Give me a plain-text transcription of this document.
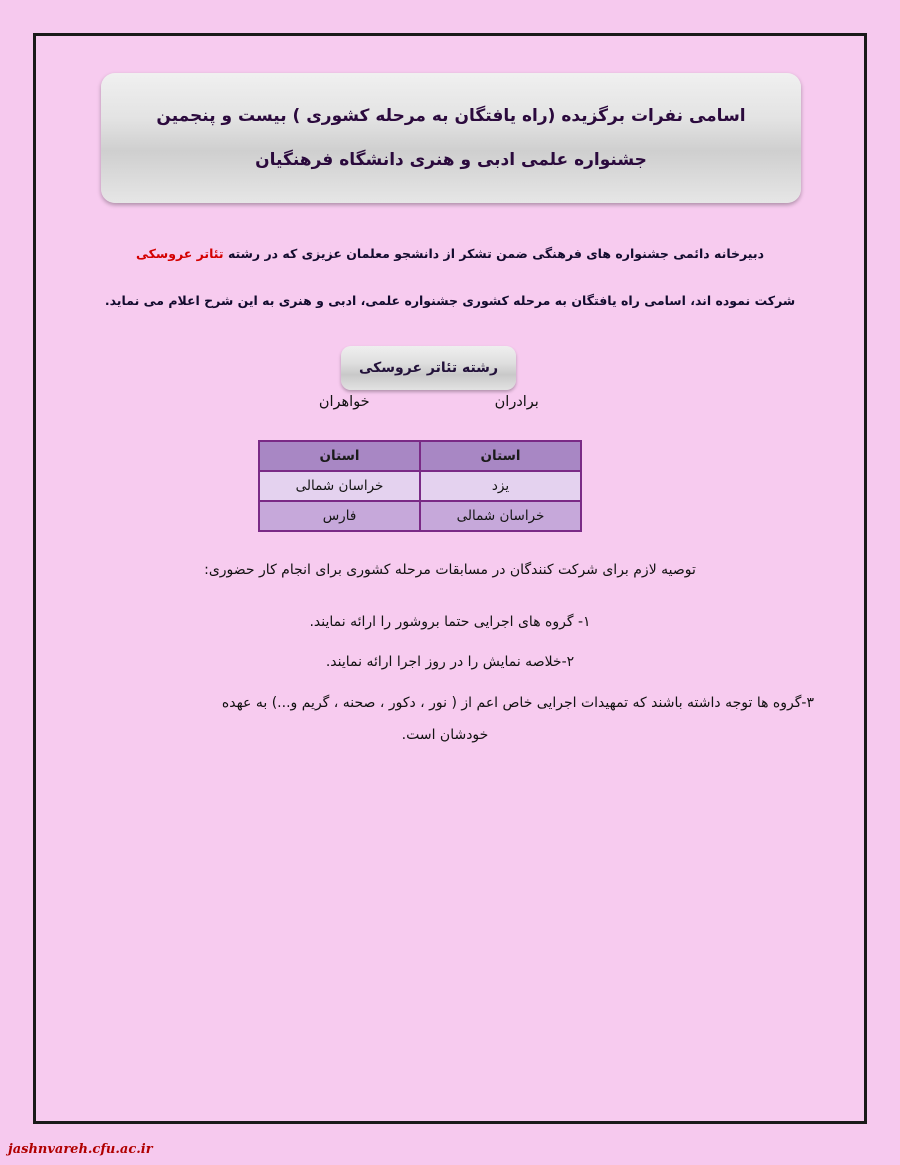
اسامی نفرات برگزیده (راه یافتگان به مرحله کشوری ) بیست و پنجمین
جشنواره علمی ادبی و هنری دانشگاه فرهنگیان

دبیرخانه دائمی جشنواره های فرهنگی ضمن تشکر از دانشجو معلمان عزیزی که در رشته تئاتر عروسکی

شرکت نموده اند، اسامی راه یافتگان به مرحله کشوری جشنواره علمی، ادبی و هنری به این شرح اعلام می نماید.

رشته تئاتر عروسکی
برادران
خواهران
استان	استان
یزد	خراسان شمالی
خراسان شمالی	فارس

توصیه لازم برای شرکت کنندگان در مسابقات مرحله کشوری برای انجام کار حضوری:

۱- گروه های اجرایی حتما بروشور را ارائه نمایند.

۲-خلاصه نمایش را در روز اجرا ارائه نمایند.

۳-گروه ها توجه داشته باشند که تمهیدات اجرایی خاص اعم از ( نور ، دکور ، صحنه ، گریم و...) به عهده
خودشان است.

jashnvareh.cfu.ac.ir
